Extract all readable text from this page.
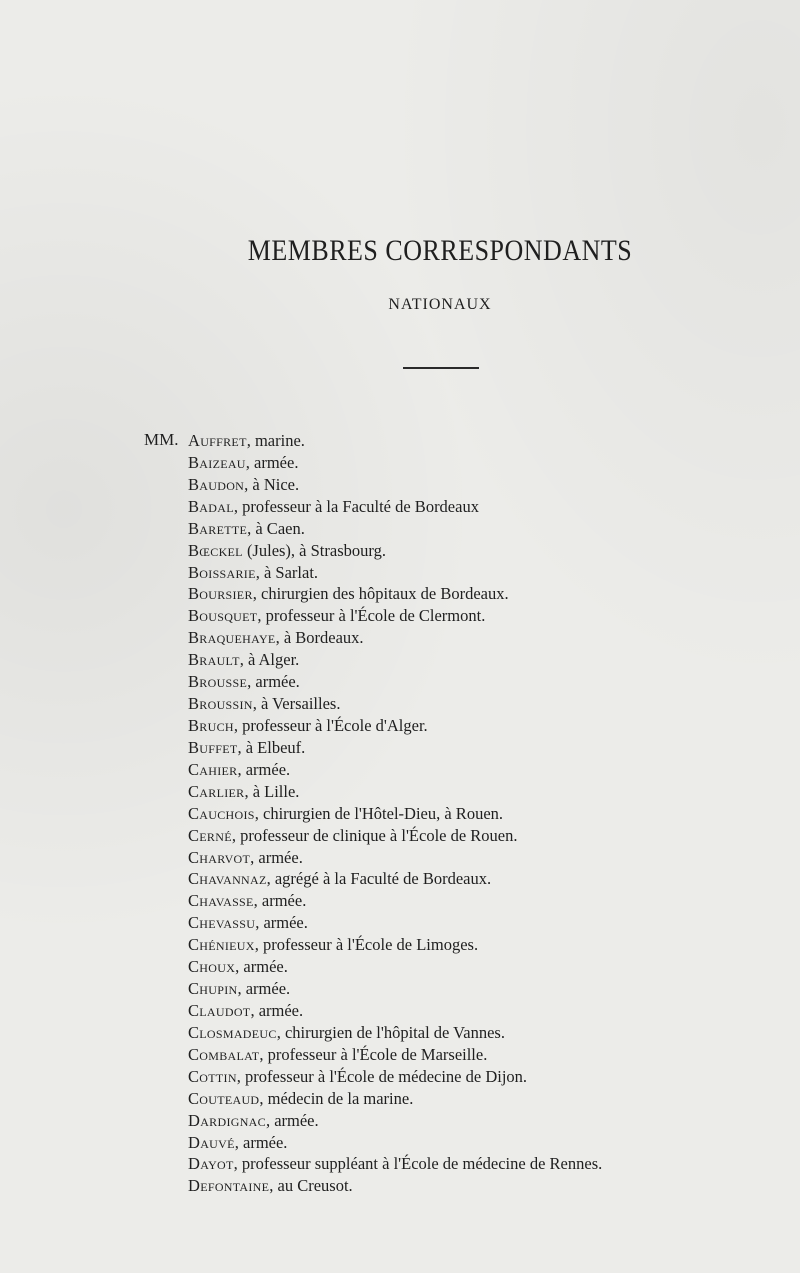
MEMBRES CORRESPONDANTS
NATIONAUX
MM. Auffret, marine.
Baizeau, armée.
Baudon, à Nice.
Badal, professeur à la Faculté de Bordeaux
Barette, à Caen.
Bœckel (Jules), à Strasbourg.
Boissarie, à Sarlat.
Boursier, chirurgien des hôpitaux de Bordeaux.
Bousquet, professeur à l'École de Clermont.
Braquehaye, à Bordeaux.
Brault, à Alger.
Brousse, armée.
Broussin, à Versailles.
Bruch, professeur à l'École d'Alger.
Buffet, à Elbeuf.
Cahier, armée.
Carlier, à Lille.
Cauchois, chirurgien de l'Hôtel-Dieu, à Rouen.
Cerné, professeur de clinique à l'École de Rouen.
Charvot, armée.
Chavannaz, agrégé à la Faculté de Bordeaux.
Chavasse, armée.
Chevassu, armée.
Chénieux, professeur à l'École de Limoges.
Choux, armée.
Chupin, armée.
Claudot, armée.
Closmadeuc, chirurgien de l'hôpital de Vannes.
Combalat, professeur à l'École de Marseille.
Cottin, professeur à l'École de médecine de Dijon.
Couteaud, médecin de la marine.
Dardignac, armée.
Dauvé, armée.
Dayot, professeur suppléant à l'École de médecine de Rennes.
Defontaine, au Creusot.
